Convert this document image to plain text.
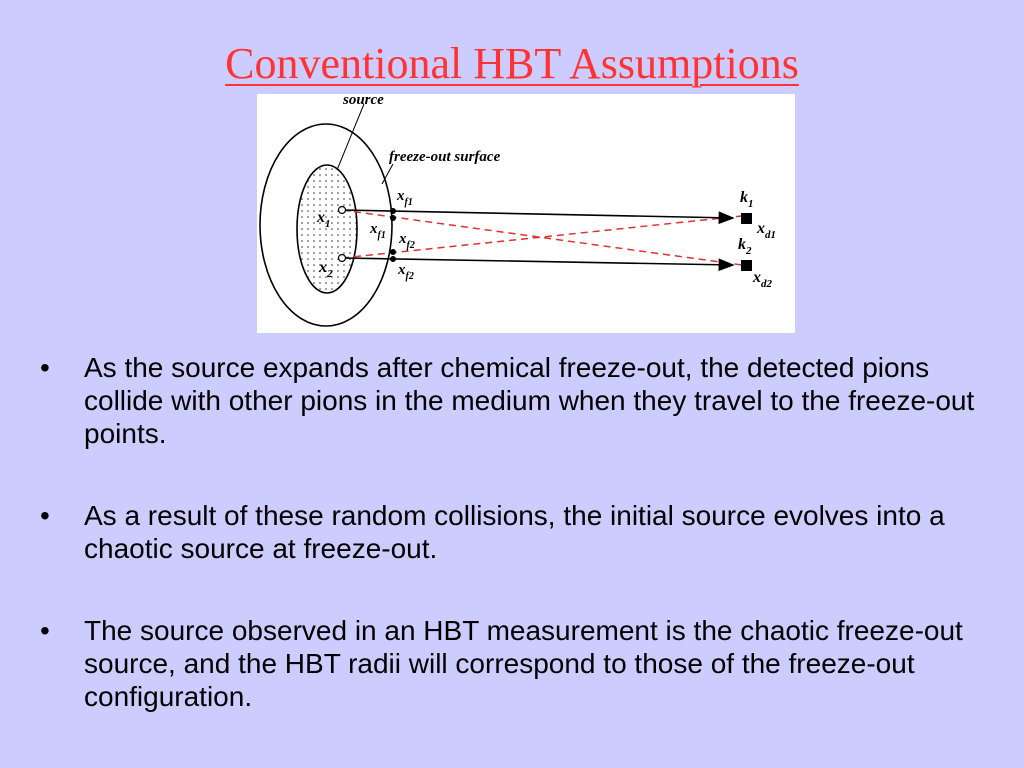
Conventional HBT Assumptions
source
freeze-out surface
$x_1$
$x_2$
$x_{f1}$
$x_{f1}$ $x_{f2}$
$x_{f2}$
$k_1$
$k_2$
$x_{d1}$
$x_{d2}$
• As the source expands after chemical freeze-out, the detected pions collide with other pions in the medium when they travel to the freeze-out points.
• As a result of these random collisions, the initial source evolves into a chaotic source at freeze-out.
• The source observed in an HBT measurement is the chaotic freeze-out source, and the HBT radii will correspond to those of the freeze-out configuration.
